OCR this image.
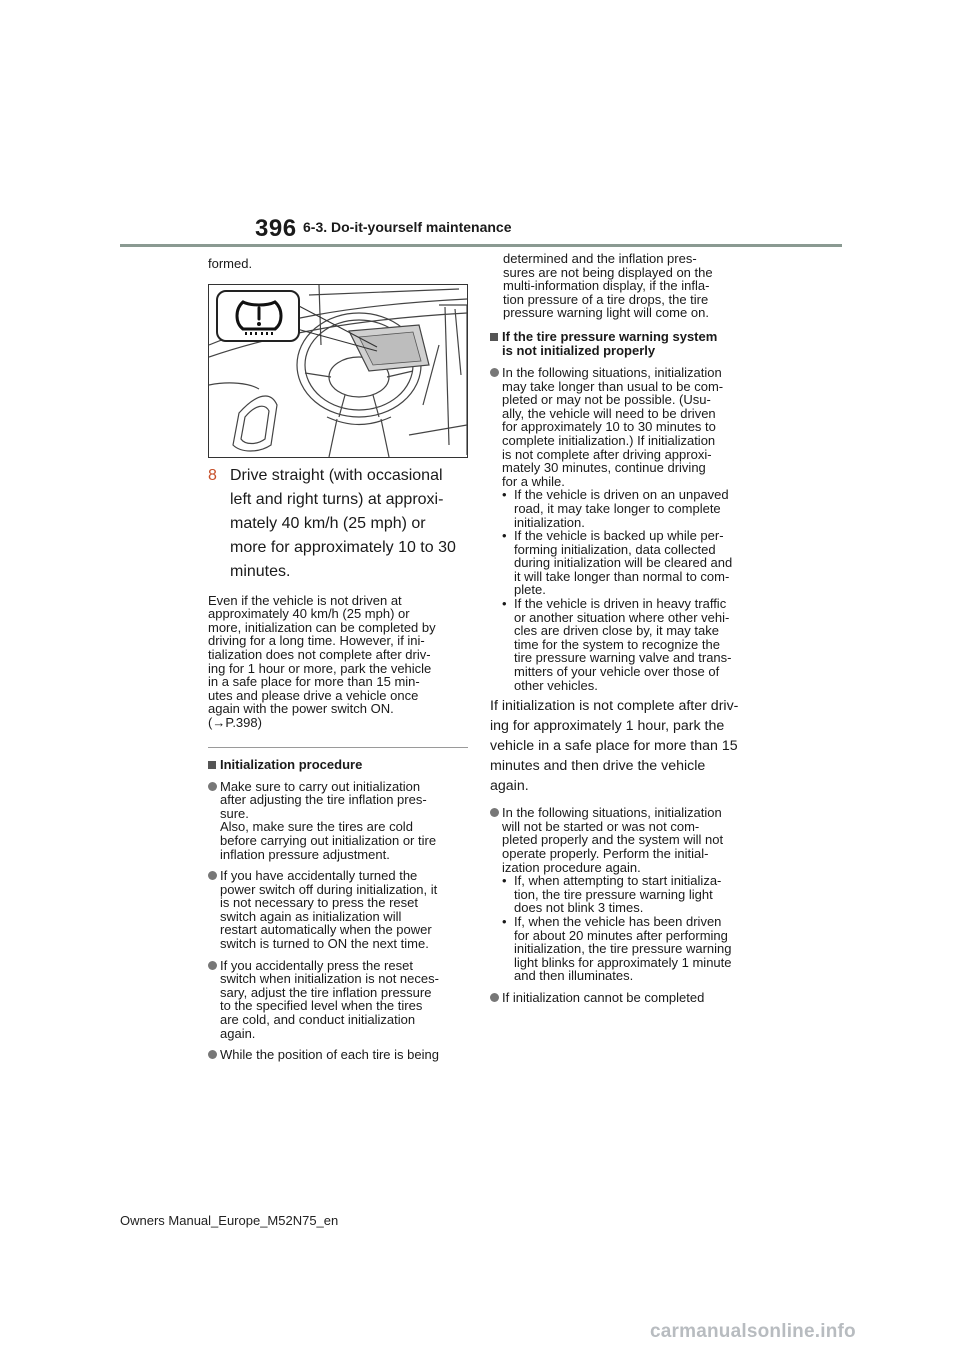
396 6-3. Do-it-yourself maintenance
formed.
8 Drive straight (with occasional
left and right turns) at approxi-
mately 40 km/h (25 mph) or
more for approximately 10 to 30
minutes.
Even if the vehicle is not driven at
approximately 40 km/h (25 mph) or
more, initialization can be completed by
driving for a long time. However, if ini-
tialization does not complete after driv-
ing for 1 hour or more, park the vehicle
in a safe place for more than 15 min-
utes and please drive a vehicle once
again with the power switch ON.
(→P.398)
Initialization procedure
Make sure to carry out initialization
after adjusting the tire inflation pres-
sure.
Also, make sure the tires are cold
before carrying out initialization or tire
inflation pressure adjustment.
If you have accidentally turned the
power switch off during initialization, it
is not necessary to press the reset
switch again as initialization will
restart automatically when the power
switch is turned to ON the next time.
If you accidentally press the reset
switch when initialization is not neces-
sary, adjust the tire inflation pressure
to the specified level when the tires
are cold, and conduct initialization
again.
While the position of each tire is being
determined and the inflation pres-
sures are not being displayed on the
multi-information display, if the infla-
tion pressure of a tire drops, the tire
pressure warning light will come on.
If the tire pressure warning system
is not initialized properly
In the following situations, initialization
may take longer than usual to be com-
pleted or may not be possible. (Usu-
ally, the vehicle will need to be driven
for approximately 10 to 30 minutes to
complete initialization.) If initialization
is not complete after driving approxi-
mately 30 minutes, continue driving
for a while.
• If the vehicle is driven on an unpaved
road, it may take longer to complete
initialization.
• If the vehicle is backed up while per-
forming initialization, data collected
during initialization will be cleared and
it will take longer than normal to com-
plete.
• If the vehicle is driven in heavy traffic
or another situation where other vehi-
cles are driven close by, it may take
time for the system to recognize the
tire pressure warning valve and trans-
mitters of your vehicle over those of
other vehicles.
If initialization is not complete after driv-
ing for approximately 1 hour, park the
vehicle in a safe place for more than 15
minutes and then drive the vehicle
again.
In the following situations, initialization
will not be started or was not com-
pleted properly and the system will not
operate properly. Perform the initial-
ization procedure again.
• If, when attempting to start initializa-
tion, the tire pressure warning light
does not blink 3 times.
• If, when the vehicle has been driven
for about 20 minutes after performing
initialization, the tire pressure warning
light blinks for approximately 1 minute
and then illuminates.
If initialization cannot be completed
Owners Manual_Europe_M52N75_en
carmanualsonline.info
